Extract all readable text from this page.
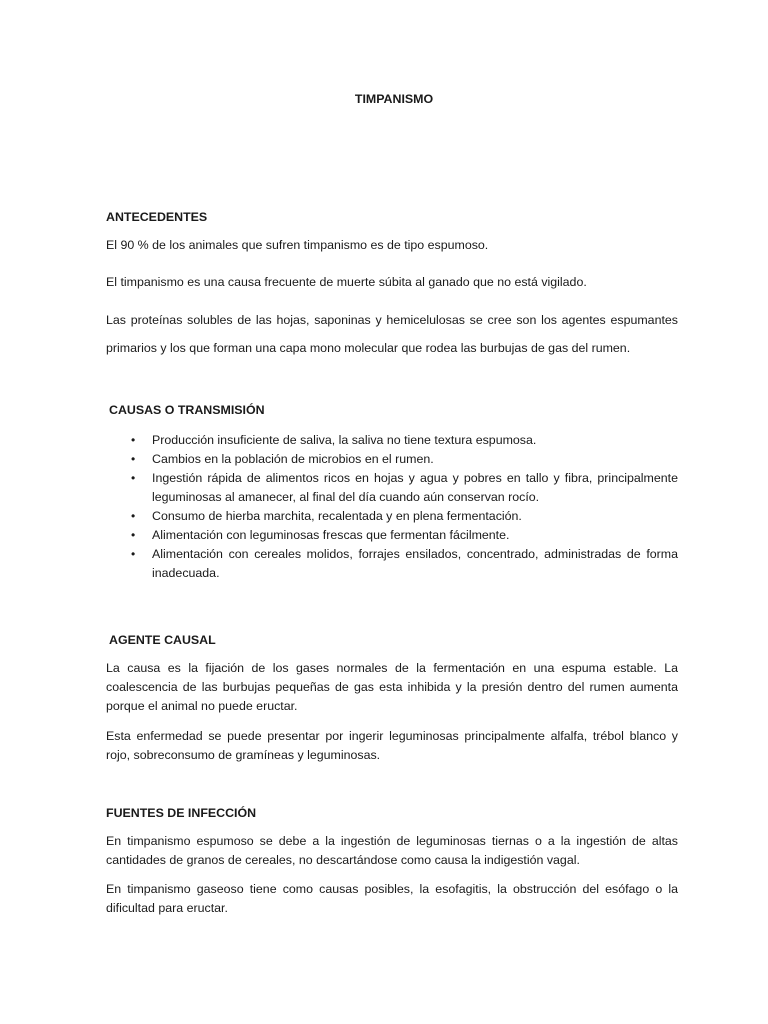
TIMPANISMO
ANTECEDENTES

El 90 % de los animales que sufren timpanismo es de tipo espumoso.

El timpanismo es una causa frecuente de muerte súbita al ganado que no está vigilado.

Las proteínas solubles de las hojas, saponinas y hemicelulosas se cree son los agentes espumantes primarios y los que forman una capa mono molecular que rodea las burbujas de gas del rumen.

CAUSAS O TRANSMISIÓN
• Producción insuficiente de saliva, la saliva no tiene textura espumosa.
• Cambios en la población de microbios en el rumen.
• Ingestión rápida de alimentos ricos en hojas y agua y pobres en tallo y fibra, principalmente leguminosas al amanecer, al final del día cuando aún conservan rocío.
• Consumo de hierba marchita, recalentada y en plena fermentación.
• Alimentación con leguminosas frescas que fermentan fácilmente.
• Alimentación con cereales molidos, forrajes ensilados, concentrado, administradas de forma inadecuada.
AGENTE CAUSAL

La causa es la fijación de los gases normales de la fermentación en una espuma estable. La coalescencia de las burbujas pequeñas de gas esta inhibida y la presión dentro del rumen aumenta porque el animal no puede eructar.

Esta enfermedad se puede presentar por ingerir leguminosas principalmente alfalfa, trébol blanco y rojo, sobreconsumo de gramíneas y leguminosas.

FUENTES DE INFECCIÓN

En timpanismo espumoso se debe a la ingestión de leguminosas tiernas o a la ingestión de altas cantidades de granos de cereales, no descartándose como causa la indigestión vagal.

En timpanismo gaseoso tiene como causas posibles, la esofagitis, la obstrucción del esófago o la dificultad para eructar.
